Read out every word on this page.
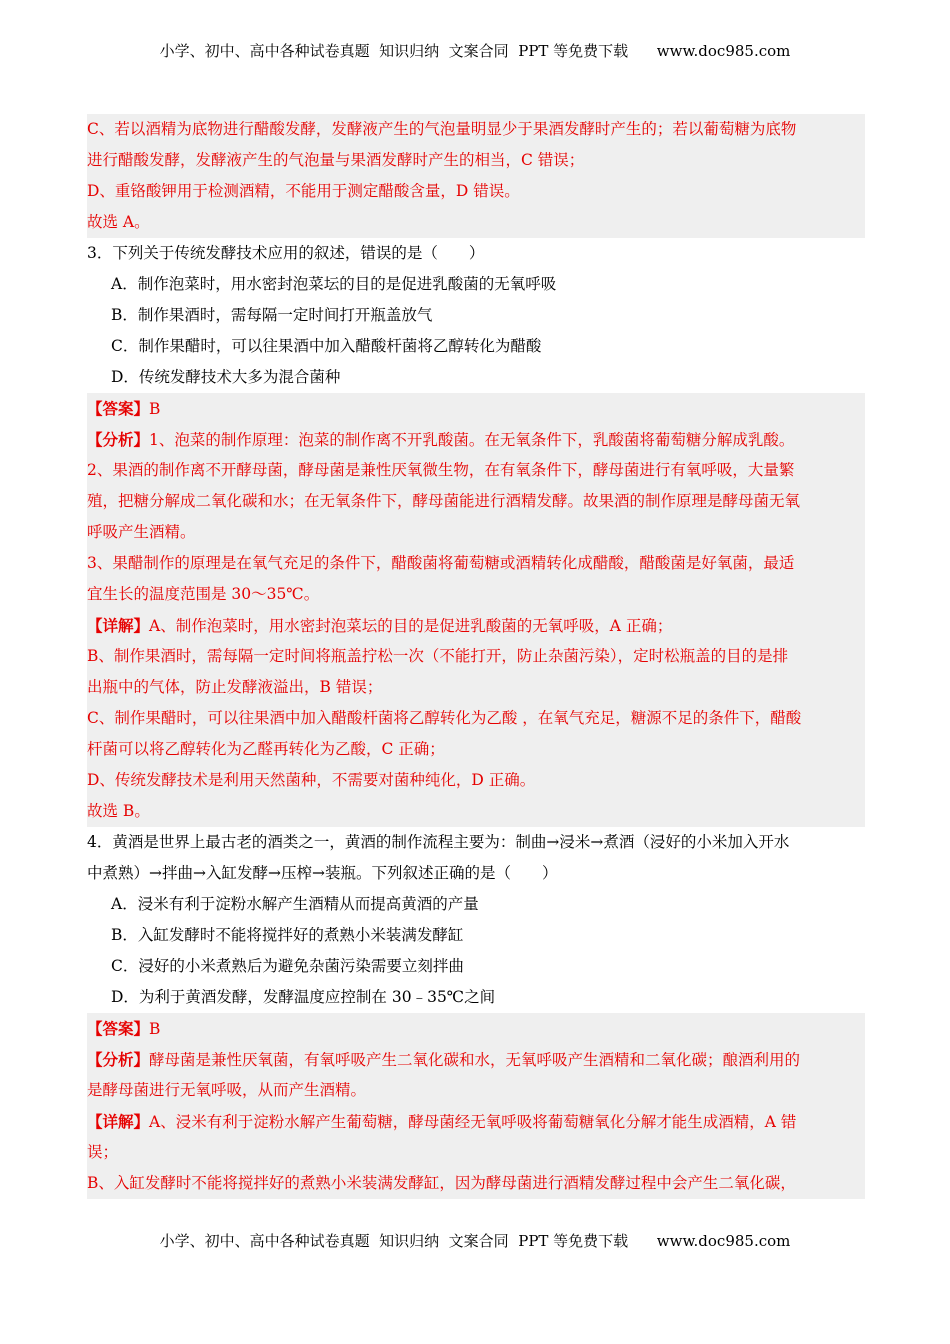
小学、初中、高中各种试卷真题  知识归纳  文案合同  PPT 等免费下载      www.doc985.com
C、若以酒精为底物进行醋酸发酵，发酵液产生的气泡量明显少于果酒发酵时产生的；若以葡萄糖为底物
进行醋酸发酵，发酵液产生的气泡量与果酒发酵时产生的相当，C 错误；
D、重铬酸钾用于检测酒精，不能用于测定醋酸含量，D 错误。
故选 A。
3．下列关于传统发酵技术应用的叙述，错误的是（　　）
A．制作泡菜时，用水密封泡菜坛的目的是促进乳酸菌的无氧呼吸
B．制作果酒时，需每隔一定时间打开瓶盖放气
C．制作果醋时，可以往果酒中加入醋酸杆菌将乙醇转化为醋酸
D．传统发酵技术大多为混合菌种
【答案】B
【分析】1、泡菜的制作原理：泡菜的制作离不开乳酸菌。在无氧条件下，乳酸菌将葡萄糖分解成乳酸。
2、果酒的制作离不开酵母菌，酵母菌是兼性厌氧微生物，在有氧条件下，酵母菌进行有氧呼吸，大量繁
殖，把糖分解成二氧化碳和水；在无氧条件下，酵母菌能进行酒精发酵。故果酒的制作原理是酵母菌无氧
呼吸产生酒精。
3、果醋制作的原理是在氧气充足的条件下，醋酸菌将葡萄糖或酒精转化成醋酸，醋酸菌是好氧菌，最适
宜生长的温度范围是 30～35℃。
【详解】A、制作泡菜时，用水密封泡菜坛的目的是促进乳酸菌的无氧呼吸，A 正确；
B、制作果酒时，需每隔一定时间将瓶盖拧松一次（不能打开，防止杂菌污染），定时松瓶盖的目的是排
出瓶中的气体，防止发酵液溢出，B 错误；
C、制作果醋时，可以往果酒中加入醋酸杆菌将乙醇转化为乙酸 ，在氧气充足，糖源不足的条件下，醋酸
杆菌可以将乙醇转化为乙醛再转化为乙酸，C 正确；
D、传统发酵技术是利用天然菌种，不需要对菌种纯化，D 正确。
故选 B。
4．黄酒是世界上最古老的酒类之一，黄酒的制作流程主要为：制曲→浸米→煮酒（浸好的小米加入开水
中煮熟）→拌曲→入缸发酵→压榨→装瓶。下列叙述正确的是（　　）
A．浸米有利于淀粉水解产生酒精从而提高黄酒的产量
B．入缸发酵时不能将搅拌好的煮熟小米装满发酵缸
C．浸好的小米煮熟后为避免杂菌污染需要立刻拌曲
D．为利于黄酒发酵，发酵温度应控制在 30﹣35℃之间
【答案】B
【分析】酵母菌是兼性厌氧菌，有氧呼吸产生二氧化碳和水，无氧呼吸产生酒精和二氧化碳；酿酒利用的
是酵母菌进行无氧呼吸，从而产生酒精。
【详解】A、浸米有利于淀粉水解产生葡萄糖，酵母菌经无氧呼吸将葡萄糖氧化分解才能生成酒精，A 错
误；
B、入缸发酵时不能将搅拌好的煮熟小米装满发酵缸，因为酵母菌进行酒精发酵过程中会产生二氧化碳，
小学、初中、高中各种试卷真题  知识归纳  文案合同  PPT 等免费下载      www.doc985.com
